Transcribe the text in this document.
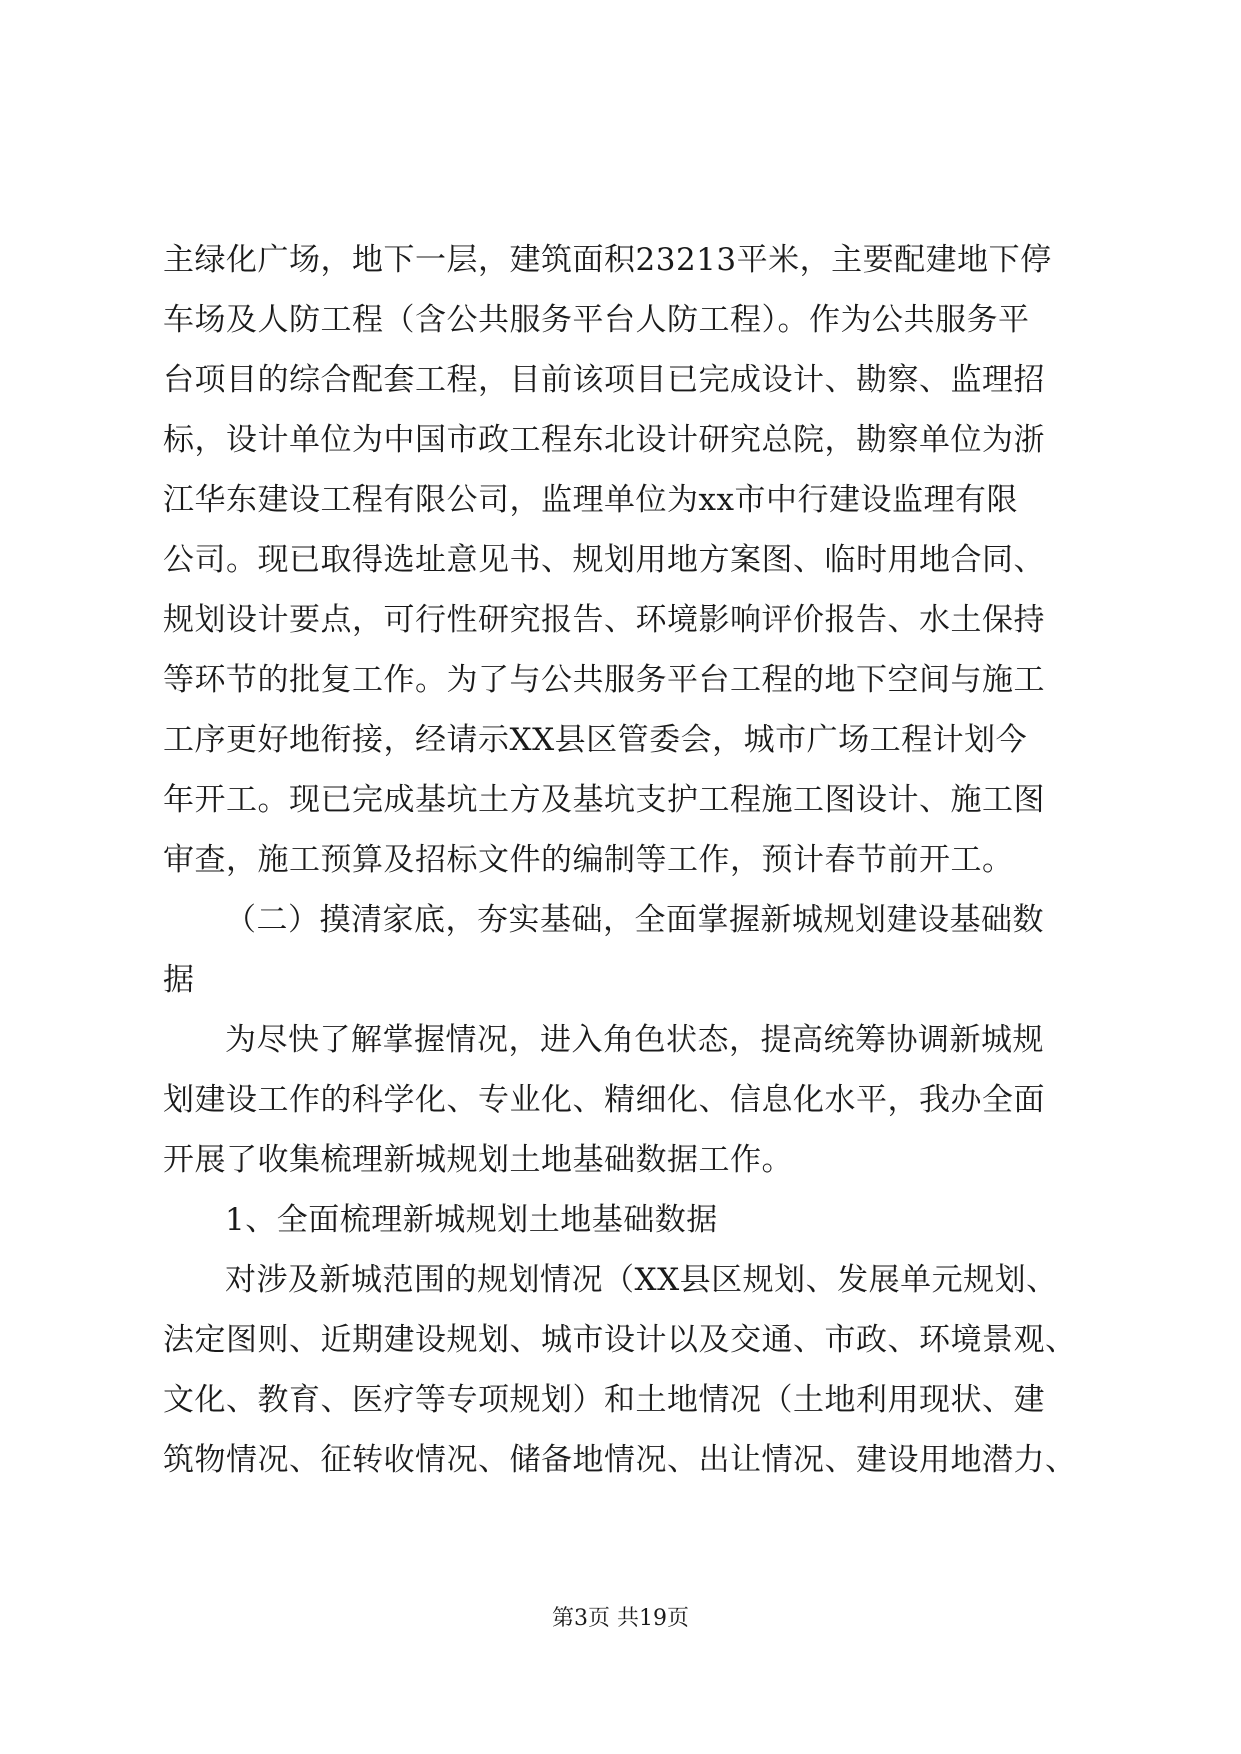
主绿化广场，地下一层，建筑面积23213平米，主要配建地下停
车场及人防工程（含公共服务平台人防工程）。作为公共服务平
台项目的综合配套工程，目前该项目已完成设计、勘察、监理招
标，设计单位为中国市政工程东北设计研究总院，勘察单位为浙
江华东建设工程有限公司，监理单位为xx市中行建设监理有限
公司。现已取得选址意见书、规划用地方案图、临时用地合同、
规划设计要点，可行性研究报告、环境影响评价报告、水土保持
等环节的批复工作。为了与公共服务平台工程的地下空间与施工
工序更好地衔接，经请示XX县区管委会，城市广场工程计划今
年开工。现已完成基坑土方及基坑支护工程施工图设计、施工图
审查，施工预算及招标文件的编制等工作，预计春节前开工。
（二）摸清家底，夯实基础，全面掌握新城规划建设基础数
据
为尽快了解掌握情况，进入角色状态，提高统筹协调新城规
划建设工作的科学化、专业化、精细化、信息化水平，我办全面
开展了收集梳理新城规划土地基础数据工作。
1、全面梳理新城规划土地基础数据
对涉及新城范围的规划情况（XX县区规划、发展单元规划、
法定图则、近期建设规划、城市设计以及交通、市政、环境景观、
文化、教育、医疗等专项规划）和土地情况（土地利用现状、建
筑物情况、征转收情况、储备地情况、出让情况、建设用地潜力、
第3页 共19页
